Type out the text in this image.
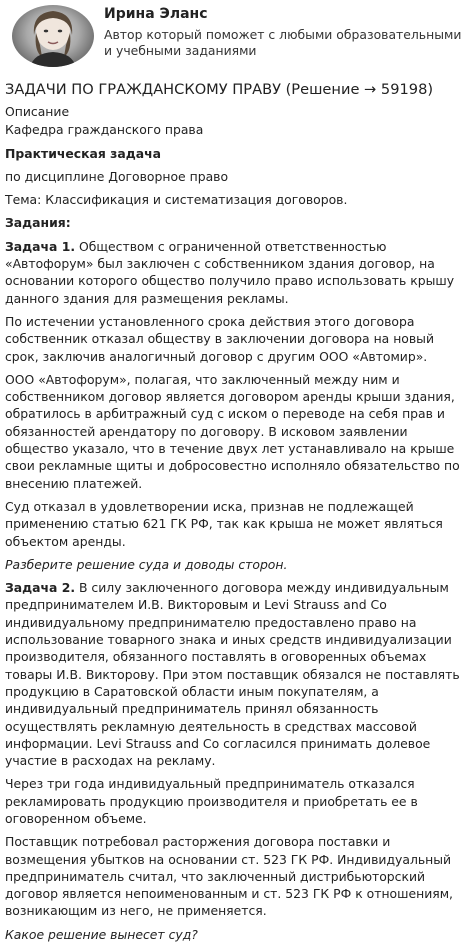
Ирина Эланс
Автор который поможет с любыми образовательными и учебными заданиями
ЗАДАЧИ ПО ГРАЖДАНСКОМУ ПРАВУ (Решение → 59198)
Описание
Кафедра гражданского права
Практическая задача
по дисциплине Договорное право
Тема: Классификация и систематизация договоров.
Задания:
Задача 1. Обществом с ограниченной ответственностью «Автофорум» был заключен с собственником здания договор, на основании которого общество получило право использовать крышу данного здания для размещения рекламы.
По истечении установленного срока действия этого договора собственник отказал обществу в заключении договора на новый срок, заключив аналогичный договор с другим ООО «Автомир».
ООО «Автофорум», полагая, что заключенный между ним и собственником договор является договором аренды крыши здания, обратилось в арбитражный суд с иском о переводе на себя прав и обязанностей арендатору по договору. В исковом заявлении общество указало, что в течение двух лет устанавливало на крыше свои рекламные щиты и добросовестно исполняло обязательство по внесению платежей.
Суд отказал в удовлетворении иска, признав не подлежащей применению статью 621 ГК РФ, так как крыша не может являться объектом аренды.
Разберите решение суда и доводы сторон.
Задача 2. В силу заключенного договора между индивидуальным предпринимателем И.В. Викторовым и Levi Strauss and Co индивидуальному предпринимателю предоставлено право на использование товарного знака и иных средств индивидуализации производителя, обязанного поставлять в оговоренных объемах товары И.В. Викторову. При этом поставщик обязался не поставлять продукцию в Саратовской области иным покупателям, а индивидуальный предприниматель принял обязанность осуществлять рекламную деятельность в средствах массовой информации. Levi Strauss and Co согласился принимать долевое участие в расходах на рекламу.
Через три года индивидуальный предприниматель отказался рекламировать продукцию производителя и приобретать ее в оговоренном объеме.
Поставщик потребовал расторжения договора поставки и возмещения убытков на основании ст. 523 ГК РФ. Индивидуальный предприниматель считал, что заключенный дистрибьюторский договор является непоименованным и ст. 523 ГК РФ к отношениям, возникающим из него, не применяется.
Какое решение вынесет суд?
